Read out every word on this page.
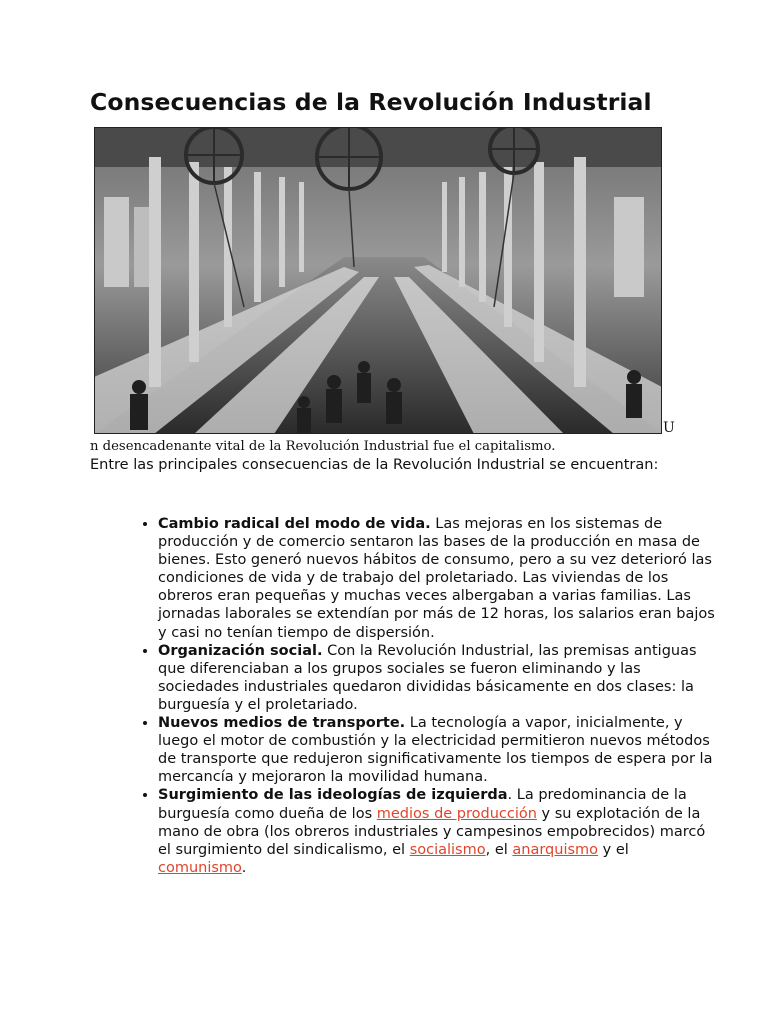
Consecuencias de la Revolución Industrial
U
n desencadenante vital de la Revolución Industrial fue el capitalismo.

Entre las principales consecuencias de la Revolución Industrial se encuentran:

• Cambio radical del modo de vida. Las mejoras en los sistemas de producción y de comercio sentaron las bases de la producción en masa de bienes. Esto generó nuevos hábitos de consumo, pero a su vez deterioró las condiciones de vida y de trabajo del proletariado. Las viviendas de los obreros eran pequeñas y muchas veces albergaban a varias familias. Las jornadas laborales se extendían por más de 12 horas, los salarios eran bajos y casi no tenían tiempo de dispersión.
• Organización social. Con la Revolución Industrial, las premisas antiguas que diferenciaban a los grupos sociales se fueron eliminando y las sociedades industriales quedaron divididas básicamente en dos clases: la burguesía y el proletariado.
• Nuevos medios de transporte. La tecnología a vapor, inicialmente, y luego el motor de combustión y la electricidad permitieron nuevos métodos de transporte que redujeron significativamente los tiempos de espera por la mercancía y mejoraron la movilidad humana.
• Surgimiento de las ideologías de izquierda. La predominancia de la burguesía como dueña de los medios de producción y su explotación de la mano de obra (los obreros industriales y campesinos empobrecidos) marcó el surgimiento del sindicalismo, el socialismo, el anarquismo y el comunismo.
